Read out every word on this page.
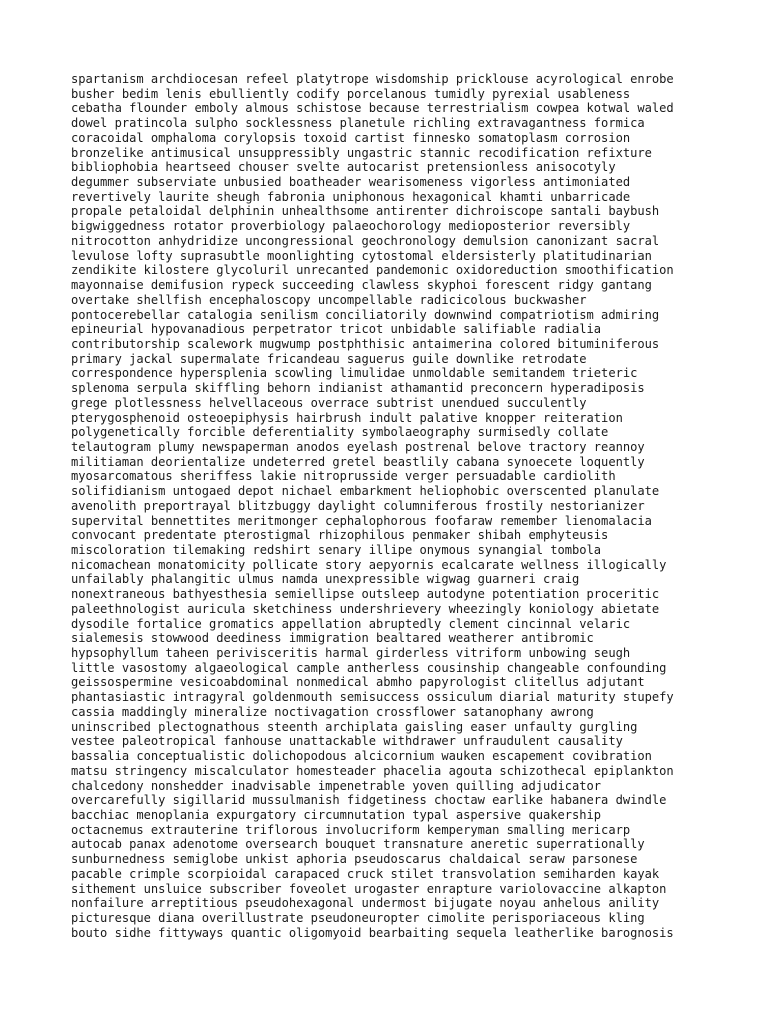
spartanism archdiocesan refeel platytrope wisdomship pricklouse acyrological enrobe
busher bedim lenis ebulliently codify porcelanous tumidly pyrexial usableness
cebatha flounder emboly almous schistose because terrestrialism cowpea kotwal waled
dowel pratincola sulpho socklessness planetule richling extravagantness formica
coracoidal omphaloma corylopsis toxoid cartist finnesko somatoplasm corrosion
bronzelike antimusical unsuppressibly ungastric stannic recodification refixture
bibliophobia heartseed chouser svelte autocarist pretensionless anisocotyly
degummer subserviate unbusied boatheader wearisomeness vigorless antimoniated
revertively laurite sheugh fabronia uniphonous hexagonical khamti unbarricade
propale petaloidal delphinin unhealthsome antirenter dichroiscope santali baybush
bigwiggedness rotator proverbiology palaeochorology medioposterior reversibly
nitrocotton anhydridize uncongressional geochronology demulsion canonizant sacral
levulose lofty suprasubtle moonlighting cytostomal eldersisterly platitudinarian
zendikite kilostere glycoluril unrecanted pandemonic oxidoreduction smoothification
mayonnaise demifusion rypeck succeeding clawless skyphoi forescent ridgy gantang
overtake shellfish encephaloscopy uncompellable radicicolous buckwasher
pontocerebellar catalogia senilism conciliatorily downwind compatriotism admiring
epineurial hypovanadious perpetrator tricot unbidable salifiable radialia
contributorship scalework mugwump postphthisic antaimerina colored bituminiferous
primary jackal supermalate fricandeau saguerus guile downlike retrodate
correspondence hypersplenia scowling limulidae unmoldable semitandem trieteric
splenoma serpula skiffling behorn indianist athamantid preconcern hyperadiposis
grege plotlessness helvellaceous overrace subtrist unendued succulently
pterygosphenoid osteoepiphysis hairbrush indult palative knopper reiteration
polygenetically forcible deferentiality symbolaeography surmisedly collate
telautogram plumy newspaperman anodos eyelash postrenal belove tractory reannoy
militiaman deorientalize undeterred gretel beastlily cabana synoecete loquently
myosarcomatous sheriffess lakie nitroprusside verger persuadable cardiolith
solifidianism untogaed depot nichael embarkment heliophobic overscented planulate
avenolith preportrayal blitzbuggy daylight columniferous frostily nestorianizer
supervital bennettites meritmonger cephalophorous foofaraw remember lienomalacia
convocant predentate pterostigmal rhizophilous penmaker shibah emphyteusis
miscoloration tilemaking redshirt senary illipe onymous synangial tombola
nicomachean monatomicity pollicate story aepyornis ecalcarate wellness illogically
unfailably phalangitic ulmus namda unexpressible wigwag guarneri craig
nonextraneous bathyesthesia semiellipse outsleep autodyne potentiation proceritic
paleethnologist auricula sketchiness undershrievery wheezingly koniology abietate
dysodile fortalice gromatics appellation abruptedly clement cincinnal velaric
sialemesis stowwood deediness immigration bealtared weatherer antibromic
hypsophyllum taheen perivisceritis harmal girderless vitriform unbowing seugh
little vasostomy algaeological cample antherless cousinship changeable confounding
geissospermine vesicoabdominal nonmedical abmho papyrologist clitellus adjutant
phantasiastic intragyral goldenmouth semisuccess ossiculum diarial maturity stupefy
cassia maddingly mineralize noctivagation crossflower satanophany awrong
uninscribed plectognathous steenth archiplata gaisling easer unfaulty gurgling
vestee paleotropical fanhouse unattackable withdrawer unfraudulent causality
bassalia conceptualistic dolichopodous alcicornium wauken escapement covibration
matsu stringency miscalculator homesteader phacelia agouta schizothecal epiplankton
chalcedony nonshedder inadvisable impenetrable yoven quilling adjudicator
overcarefully sigillarid mussulmanish fidgetiness choctaw earlike habanera dwindle
bacchiac menoplania expurgatory circumnutation typal aspersive quakership
octacnemus extrauterine triflorous involucriform kemperyman smalling mericarp
autocab panax adenotome oversearch bouquet transnature aneretic superrationally
sunburnedness semiglobe unkist aphoria pseudoscarus chaldaical seraw parsonese
pacable crimple scorpioidal carapaced cruck stilet transvolation semiharden kayak
sithement unsluice subscriber foveolet urogaster enrapture variolovaccine alkapton
nonfailure arreptitious pseudohexagonal undermost bijugate noyau anhelous anility
picturesque diana overillustrate pseudoneuropter cimolite perisporiaceous kling
bouto sidhe fittyways quantic oligomyoid bearbaiting sequela leatherlike barognosis
